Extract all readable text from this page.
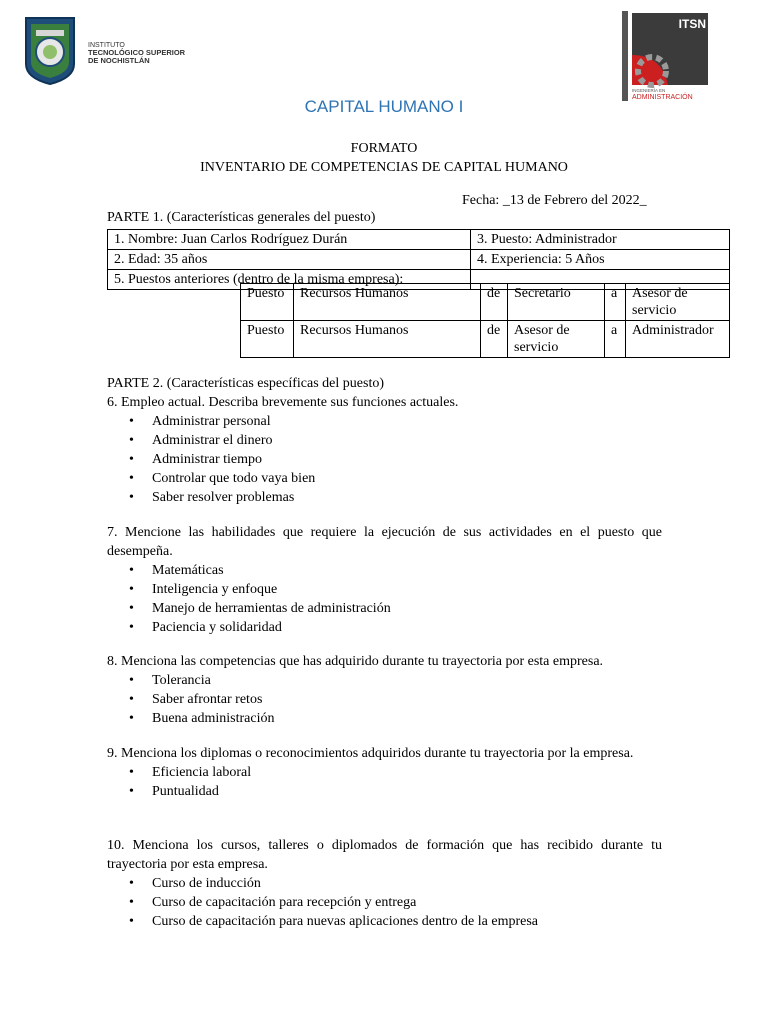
INSTITUTO
TECNOLÓGICO SUPERIOR
DE NOCHISTLÁN
ITSN
INGENIERÍA EN
ADMINISTRACIÓN
CAPITAL HUMANO I
FORMATO
INVENTARIO DE COMPETENCIAS DE CAPITAL HUMANO
Fecha: _13 de Febrero del 2022_
PARTE 1. (Características generales del puesto)
1. Nombre: Juan Carlos Rodríguez Durán	3. Puesto: Administrador
2. Edad: 35 años	4. Experiencia: 5 Años
5. Puestos anteriores (dentro de la misma empresa):	
Puesto	Recursos Humanos	de	Secretario	a	Asesor de servicio
Puesto	Recursos Humanos	de	Asesor de servicio	a	Administrador

PARTE 2. (Características específicas del puesto)

6. Empleo actual. Describa brevemente sus funciones actuales.

• Administrar personal
• Administrar el dinero
• Administrar tiempo
• Controlar que todo vaya bien
• Saber resolver problemas

7. Mencione las habilidades que requiere la ejecución de sus actividades en el puesto que desempeña.

• Matemáticas
• Inteligencia y enfoque
• Manejo de herramientas de administración
• Paciencia y solidaridad

8. Menciona las competencias que has adquirido durante tu trayectoria por esta empresa.

• Tolerancia
• Saber afrontar retos
• Buena administración

9. Menciona los diplomas o reconocimientos adquiridos durante tu trayectoria por la empresa.

• Eficiencia laboral
• Puntualidad

10. Menciona los cursos, talleres o diplomados de formación que has recibido durante tu trayectoria por esta empresa.

• Curso de inducción
• Curso de capacitación para recepción y entrega
• Curso de capacitación para nuevas aplicaciones dentro de la empresa
